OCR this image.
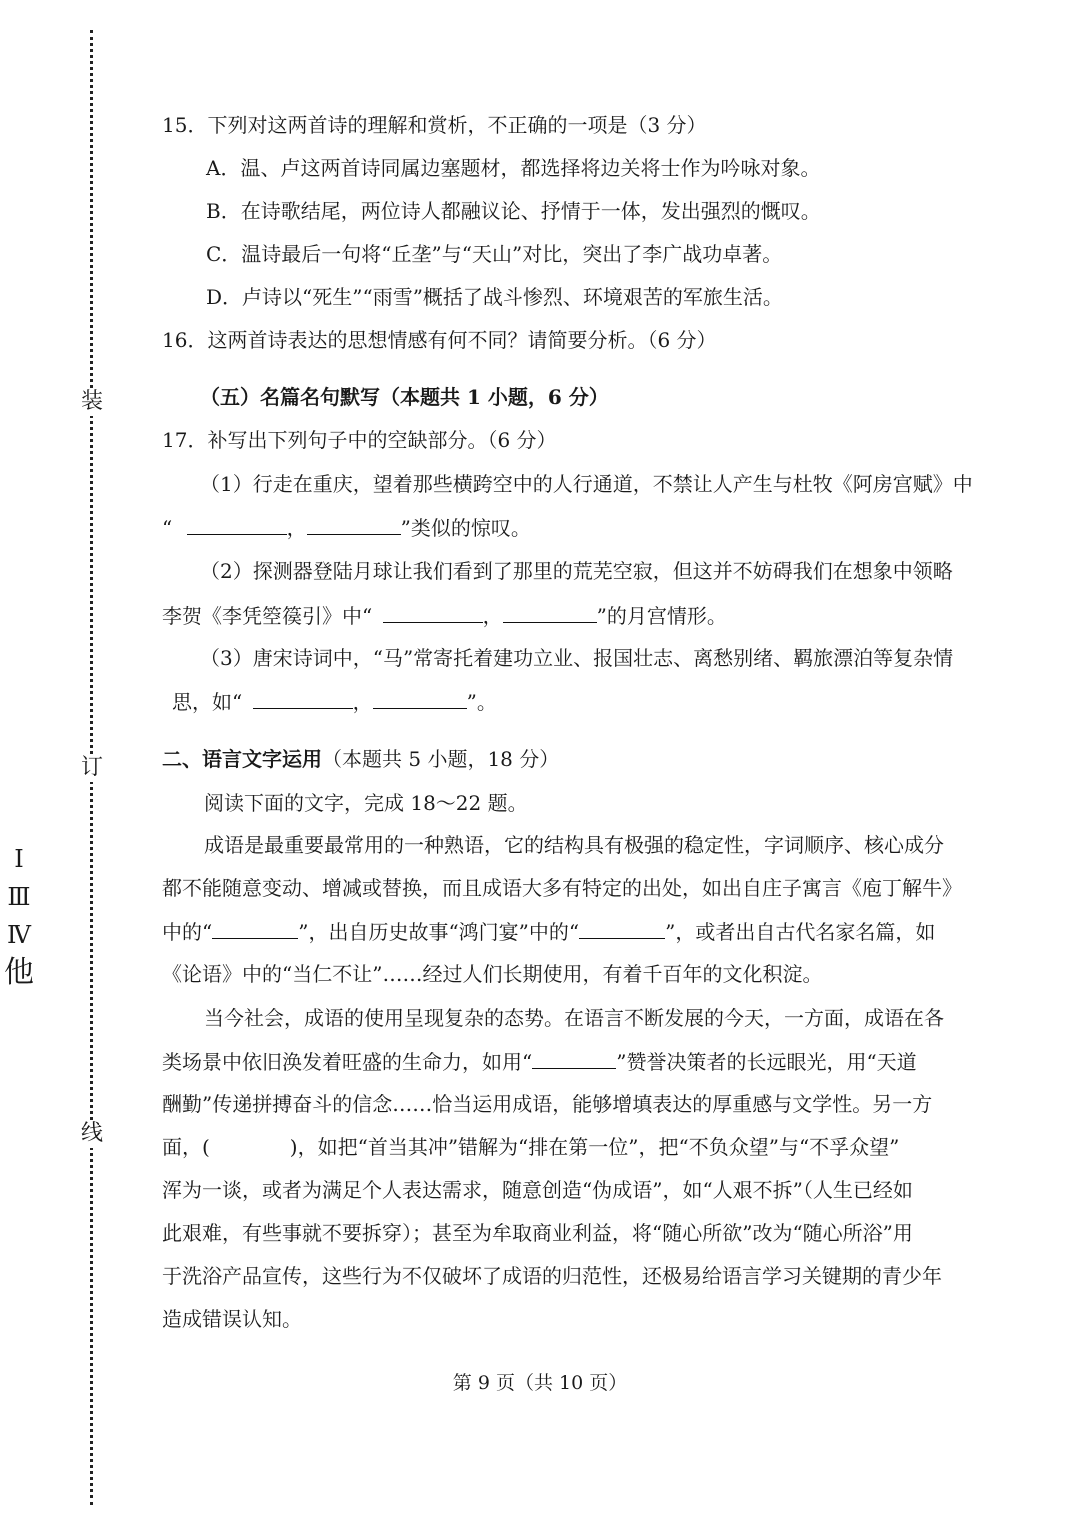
装
订
线
Ⅰ
Ⅲ
Ⅳ
他
15．下列对这两首诗的理解和赏析，不正确的一项是（3 分）
A．温、卢这两首诗同属边塞题材，都选择将边关将士作为吟咏对象。
B．在诗歌结尾，两位诗人都融议论、抒情于一体，发出强烈的慨叹。
C．温诗最后一句将“丘垄”与“天山”对比，突出了李广战功卓著。
D．卢诗以“死生”“雨雪”概括了战斗惨烈、环境艰苦的军旅生活。
16．这两首诗表达的思想情感有何不同？请简要分析。（6 分）
（五）名篇名句默写（本题共 1 小题，6 分）
17．补写出下列句子中的空缺部分。（6 分）
（1）行走在重庆，望着那些横跨空中的人行通道，不禁让人产生与杜牧《阿房宫赋》中
“	，	”类似的惊叹。
（2）探测器登陆月球让我们看到了那里的荒芜空寂，但这并不妨碍我们在想象中领略
李贺《李凭箜篌引》中“	，	”的月宫情形。
（3）唐宋诗词中，“马”常寄托着建功立业、报国壮志、离愁别绪、羁旅漂泊等复杂情
思，如“	，	”。
二、语言文字运用（本题共 5 小题，18 分）
阅读下面的文字，完成 18～22 题。
成语是最重要最常用的一种熟语，它的结构具有极强的稳定性，字词顺序、核心成分
都不能随意变动、增减或替换，而且成语大多有特定的出处，如出自庄子寓言《庖丁解牛》
中的“	”，出自历史故事“鸿门宴”中的“	”，或者出自古代名家名篇，如
《论语》中的“当仁不让”……经过人们长期使用，有着千百年的文化积淀。
当今社会，成语的使用呈现复杂的态势。在语言不断发展的今天，一方面，成语在各
类场景中依旧涣发着旺盛的生命力，如用“	”赞誉决策者的长远眼光，用“天道
酬勤”传递拼搏奋斗的信念……恰当运用成语，能够增填表达的厚重感与文学性。另一方
面，(　　　　)，如把“首当其冲”错解为“排在第一位”，把“不负众望”与“不孚众望”
浑为一谈，或者为满足个人表达需求，随意创造“伪成语”，如“人艰不拆”（人生已经如
此艰难，有些事就不要拆穿）；甚至为牟取商业利益，将“随心所欲”改为“随心所浴”用
于洗浴产品宣传，这些行为不仅破坏了成语的归范性，还极易给语言学习关键期的青少年
造成错误认知。
第 9 页（共 10 页）
